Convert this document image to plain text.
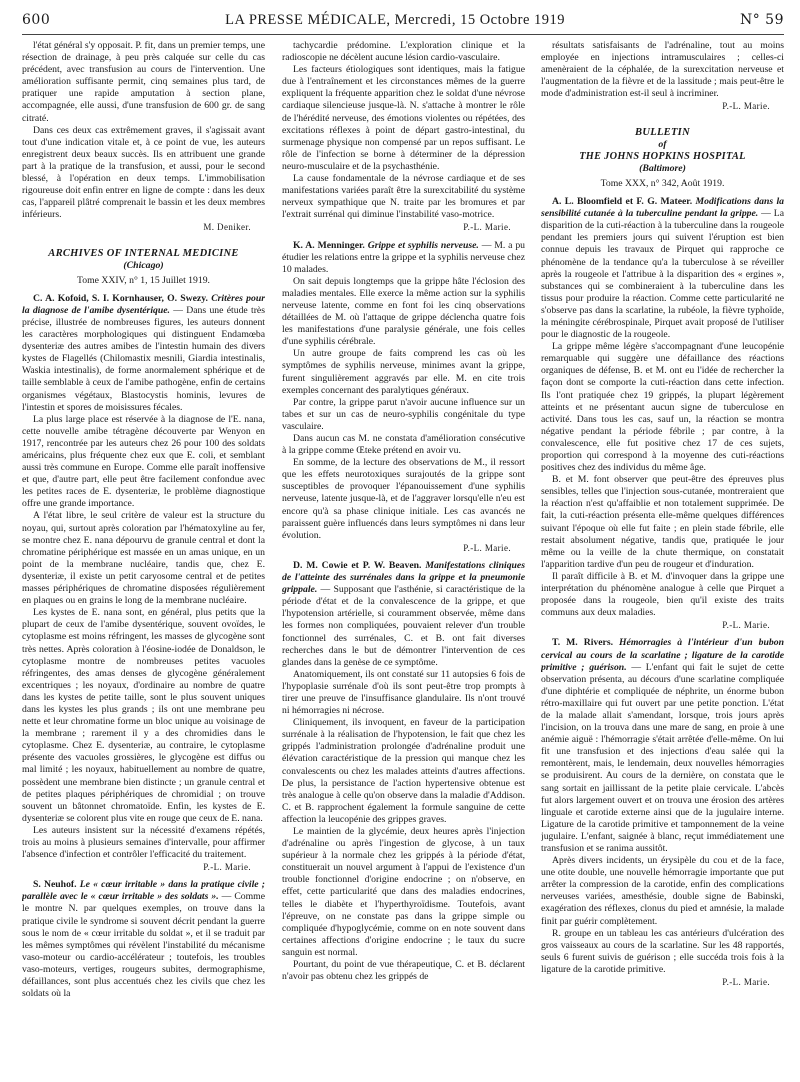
600	LA PRESSE MÉDICALE, Mercredi, 15 Octobre 1919	N° 59

l'état général s'y opposait. P. fit, dans un premier temps, une résection de drainage, à peu près calquée sur celle du cas précédent, avec transfusion au cours de l'intervention. Une amélioration suffisante permit, cinq semaines plus tard, de pratiquer une rapide amputation à section plane, accompagnée, elle aussi, d'une transfusion de 600 gr. de sang citraté.

Dans ces deux cas extrêmement graves, il s'agissait avant tout d'une indication vitale et, à ce point de vue, les auteurs enregistrent deux beaux succès. Ils en attribuent une grande part à la pratique de la transfusion, et aussi, pour le second blessé, à l'opération en deux temps. L'immobilisation rigoureuse doit enfin entrer en ligne de compte : dans les deux cas, l'appareil plâtré comprenait le bassin et les deux membres inférieurs.

M. Deniker.
ARCHIVES OF INTERNAL MEDICINE
(Chicago)
Tome XXIV, n° 1, 15 Juillet 1919.

C. A. Kofoid, S. I. Kornhauser, O. Swezy. Critères pour la diagnose de l'amibe dysentérique. — Dans une étude très précise, illustrée de nombreuses figures, les auteurs donnent les caractères morphologiques qui distinguent Endamœba dysenteriæ des autres amibes de l'intestin humain des divers kystes de Flagellés (Chilomastix mesnili, Giardia intestinalis, Waskia intestinalis), de forme anormalement sphérique et de taille semblable à ceux de l'amibe pathogène, enfin de certains organismes végétaux, Blastocystis hominis, levures de l'intestin et spores de moisissures fécales.

La plus large place est réservée à la diagnose de l'E. nana, cette nouvelle amibe tétragène découverte par Wenyon en 1917, rencontrée par les auteurs chez 26 pour 100 des soldats américains, plus fréquente chez eux que E. coli, et semblant aussi très commune en Europe. Comme elle paraît inoffensive et que, d'autre part, elle peut être facilement confondue avec les petites races de E. dysenteriæ, le problème diagnostique offre une grande importance.

A l'état libre, le seul critère de valeur est la structure du noyau, qui, surtout après coloration par l'hématoxyline au fer, se montre chez E. nana dépourvu de granule central et dont la chromatine périphérique est massée en un amas unique, en un point de la membrane nucléaire, tandis que, chez E. dysenteriæ, il existe un petit caryosome central et de petites masses périphériques de chromatine disposées régulièrement en plaques ou en grains le long de la membrane nucléaire.

Les kystes de E. nana sont, en général, plus petits que la plupart de ceux de l'amibe dysentérique, souvent ovoïdes, le cytoplasme est moins réfringent, les masses de glycogène sont très nettes. Après coloration à l'éosine-iodée de Donaldson, le cytoplasme montre de nombreuses petites vacuoles réfringentes, des amas denses de glycogène généralement excentriques ; les noyaux, d'ordinaire au nombre de quatre dans les kystes de petite taille, sont le plus souvent uniques dans les kystes les plus grands ; ils ont une membrane peu nette et leur chromatine forme un bloc unique au voisinage de la membrane ; rarement il y a des chromidies dans le cytoplasme. Chez E. dysenteriæ, au contraire, le cytoplasme présente des vacuoles grossières, le glycogène est diffus ou mal limité ; les noyaux, habituellement au nombre de quatre, possèdent une membrane bien distincte ; un granule central et de petites plaques périphériques de chromidial ; on trouve souvent un bâtonnet chromatoïde. Enfin, les kystes de E. dysenteriæ se colorent plus vite en rouge que ceux de E. nana.

Les auteurs insistent sur la nécessité d'examens répétés, trois au moins à plusieurs semaines d'intervalle, pour affirmer l'absence d'infection et contrôler l'efficacité du traitement.

P.-L. Marie.

S. Neuhof. Le « cœur irritable » dans la pratique civile ; parallèle avec le « cœur irritable » des soldats ». — Comme le montre N. par quelques exemples, on trouve dans la pratique civile le syndrome si souvent décrit pendant la guerre sous le nom de « cœur irritable du soldat », et il se traduit par les mêmes symptômes qui révèlent l'instabilité du mécanisme vaso-moteur ou cardio-accélérateur ; toutefois, les troubles vaso-moteurs, vertiges, rougeurs subites, dermographisme, défaillances, sont plus accentués chez les civils que chez les soldats où la

tachycardie prédomine. L'exploration clinique et la radioscopie ne décèlent aucune lésion cardio-vasculaire.

Les facteurs étiologiques sont identiques, mais la fatigue due à l'entraînement et les circonstances mêmes de la guerre expliquent la fréquente apparition chez le soldat d'une névrose cardiaque silencieuse jusque-là. N. s'attache à montrer le rôle de l'hérédité nerveuse, des émotions violentes ou répétées, des excitations réflexes à point de départ gastro-intestinal, du surmenage physique non compensé par un repos suffisant. Le rôle de l'infection se borne à déterminer de la dépression neuro-musculaire et de la psychasthénie.

La cause fondamentale de la névrose cardiaque et de ses manifestations variées paraît être la surexcitabilité du système nerveux sympathique que N. traite par les bromures et par l'extrait surrénal qui diminue l'instabilité vaso-motrice.

P.-L. Marie.

K. A. Menninger. Grippe et syphilis nerveuse. — M. a pu étudier les relations entre la grippe et la syphilis nerveuse chez 10 malades.

On sait depuis longtemps que la grippe hâte l'éclosion des maladies mentales. Elle exerce la même action sur la syphilis nerveuse latente, comme en font foi les cinq observations détaillées de M. où l'attaque de grippe déclencha quatre fois les manifestations d'une paralysie générale, une fois celles d'une syphilis cérébrale.

Un autre groupe de faits comprend les cas où les symptômes de syphilis nerveuse, minimes avant la grippe, furent singulièrement aggravés par elle. M. en cite trois exemples concernant des paralytiques généraux.

Par contre, la grippe parut n'avoir aucune influence sur un tabes et sur un cas de neuro-syphilis congénitale du type vasculaire.

Dans aucun cas M. ne constata d'amélioration consécutive à la grippe comme Œteke prétend en avoir vu.

En somme, de la lecture des observations de M., il ressort que les effets neurotoxiques surajoutés de la grippe sont susceptibles de provoquer l'épanouissement d'une syphilis nerveuse, latente jusque-là, et de l'aggraver lorsqu'elle n'eu est encore qu'à sa phase clinique initiale. Les cas avancés ne paraissent guère influencés dans leurs symptômes ni dans leur évolution.

P.-L. Marie.

D. M. Cowie et P. W. Beaven. Manifestations cliniques de l'atteinte des surrénales dans la grippe et la pneumonie grippale. — Supposant que l'asthénie, si caractéristique de la période d'état et de la convalescence de la grippe, et que l'hypotension artérielle, si couramment observée, même dans les formes non compliquées, pouvaient relever d'un trouble fonctionnel des surrénales, C. et B. ont fait diverses recherches dans le but de démontrer l'intervention de ces glandes dans la genèse de ce symptôme.

Anatomiquement, ils ont constaté sur 11 autopsies 6 fois de l'hypoplasie surrénale d'où ils sont peut-être trop prompts à tirer une preuve de l'insuffisance glandulaire. Ils n'ont trouvé ni hémorragies ni nécrose.

Cliniquement, ils invoquent, en faveur de la participation surrénale à la réalisation de l'hypotension, le fait que chez les grippés l'administration prolongée d'adrénaline produit une élévation caractéristique de la pression qui manque chez les convalescents ou chez les malades atteints d'autres affections. De plus, la persistance de l'action hypertensive obtenue est très analogue à celle qu'on observe dans la maladie d'Addison. C. et B. rapprochent également la formule sanguine de cette affection la leucopénie des grippes graves.

Le maintien de la glycémie, deux heures après l'injection d'adrénaline ou après l'ingestion de glycose, à un taux supérieur à la normale chez les grippés à la période d'état, constituerait un nouvel argument à l'appui de l'existence d'un trouble fonctionnel d'origine endocrine ; on n'observe, en effet, cette particularité que dans des maladies endocrines, telles le diabète et l'hyperthyroïdisme. Toutefois, avant l'épreuve, on ne constate pas dans la grippe simple ou compliquée d'hypoglycémie, comme on en note souvent dans certaines affections d'origine endocrine ; le taux du sucre sanguin est normal.

Pourtant, du point de vue thérapeutique, C. et B. déclarent n'avoir pas obtenu chez les grippés de

résultats satisfaisants de l'adrénaline, tout au moins employée en injections intramusculaires ; celles-ci amenèraient de la céphalée, de la surexcitation nerveuse et l'augmentation de la fièvre et de la lassitude ; mais peut-être le mode d'administration est-il seul à incriminer.

P.-L. Marie.
BULLETIN
of
THE JOHNS HOPKINS HOSPITAL
(Baltimore)
Tome XXX, n° 342, Août 1919.

A. L. Bloomfield et F. G. Mateer. Modifications dans la sensibilité cutanée à la tuberculine pendant la grippe. — La disparition de la cuti-réaction à la tuberculine dans la rougeole pendant les premiers jours qui suivent l'éruption est bien connue depuis les travaux de Pirquet qui rapproche ce phénomène de la tendance qu'a la tuberculose à se réveiller après la rougeole et l'attribue à la disparition des « ergines », substances qui se combineraient à la tuberculine dans les tissus pour produire la réaction. Comme cette particularité ne s'observe pas dans la scarlatine, la rubéole, la fièvre typhoïde, la méningite cérébrospinale, Pirquet avait proposé de l'utiliser pour le diagnostic de la rougeole.

La grippe même légère s'accompagnant d'une leucopénie remarquable qui suggère une défaillance des réactions organiques de défense, B. et M. ont eu l'idée de rechercher la façon dont se comporte la cuti-réaction dans cette infection. Ils l'ont pratiquée chez 19 grippés, la plupart légèrement atteints et ne présentant aucun signe de tuberculose en activité. Dans tous les cas, sauf un, la réaction se montra négative pendant la période fébrile ; par contre, à la convalescence, elle fut positive chez 17 de ces sujets, proportion qui correspond à la moyenne des cuti-réactions positives chez des individus du même âge.

B. et M. font observer que peut-être des épreuves plus sensibles, telles que l'injection sous-cutanée, montreraient que la réaction n'est qu'affaiblie et non totalement supprimée. De fait, la cuti-réaction présenta elle-même quelques différences suivant l'époque où elle fut faite ; en plein stade fébrile, elle restait absolument négative, tandis que, pratiquée le jour même ou la veille de la chute thermique, on constatait l'apparition tardive d'un peu de rougeur et d'induration.

Il paraît difficile à B. et M. d'invoquer dans la grippe une interprétation du phénomène analogue à celle que Pirquet a proposée dans la rougeole, bien qu'il existe des traits communs aux deux maladies.

P.-L. Marie.

T. M. Rivers. Hémorragies à l'intérieur d'un bubon cervical au cours de la scarlatine ; ligature de la carotide primitive ; guérison. — L'enfant qui fait le sujet de cette observation présenta, au décours d'une scarlatine compliquée d'une diphtérie et compliquée de néphrite, un énorme bubon rétro-maxillaire qui fut ouvert par une petite ponction. L'état de la malade allait s'amendant, lorsque, trois jours après l'incision, on la trouva dans une mare de sang, en proie à une anémie aiguë : l'hémorragie s'était arrêtée d'elle-même. On lui fit une transfusion et des injections d'eau salée qui la remontèrent, mais, le lendemain, deux nouvelles hémorragies se produisirent. Au cours de la dernière, on constata que le sang sortait en jaillissant de la petite plaie cervicale. L'abcès fut alors largement ouvert et on trouva une érosion des artères linguale et carotide externe ainsi que de la jugulaire interne. Ligature de la carotide primitive et tamponnement de la veine jugulaire. L'enfant, saignée à blanc, reçut immédiatement une transfusion et se ranima aussitôt.

Après divers incidents, un érysipèle du cou et de la face, une otite double, une nouvelle hémorragie importante que put arrêter la compression de la carotide, enfin des complications nerveuses variées, amesthésie, double signe de Babinski, exagération des réflexes, clonus du pied et amnésie, la malade finit par guérir complètement.

R. groupe en un tableau les cas antérieurs d'ulcération des gros vaisseaux au cours de la scarlatine. Sur les 48 rapportés, seuls 6 furent suivis de guérison ; elle succéda trois fois à la ligature de la carotide primitive.

P.-L. Marie.
